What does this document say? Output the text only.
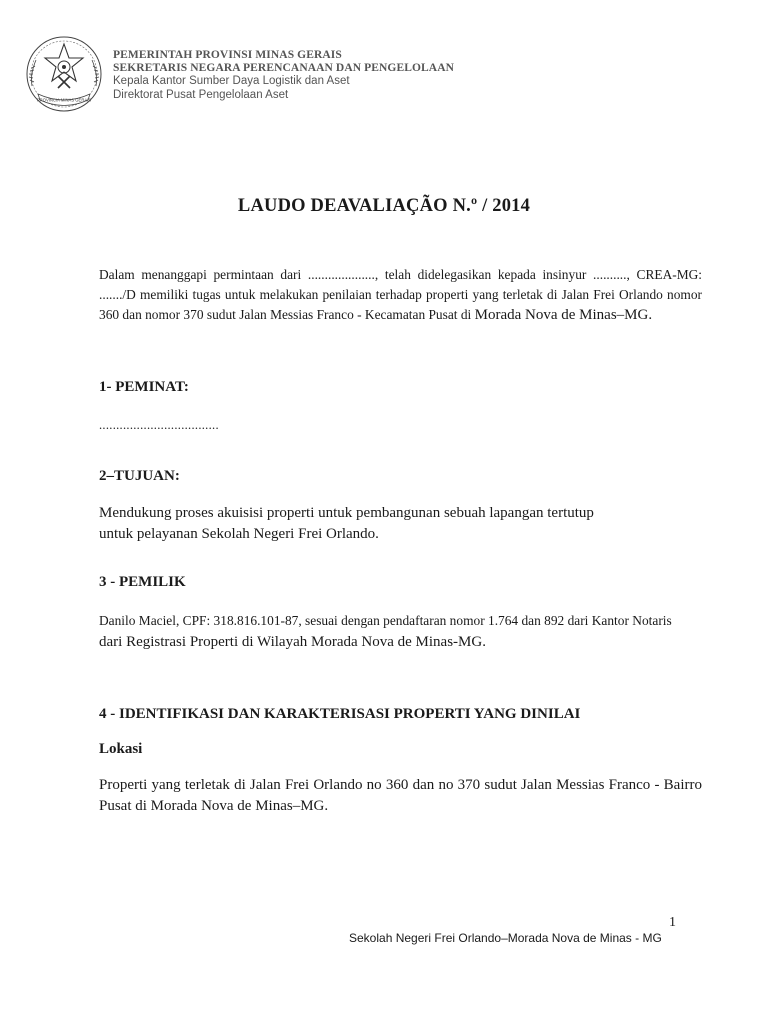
PROVÍNCIA MINAS GERAIS
PEMERINTAH PROVINSI MINAS GERAIS
SEKRETARIS NEGARA PERENCANAAN DAN PENGELOLAAN
Kepala Kantor Sumber Daya Logistik dan Aset
Direktorat Pusat Pengelolaan Aset
LAUDO DEAVALIAÇÃO N.º / 2014
Dalam menanggapi permintaan dari ...................., telah didelegasikan kepada insinyur .........., CREA-MG: ......./D memiliki tugas untuk melakukan penilaian terhadap properti yang terletak di Jalan Frei Orlando nomor 360 dan nomor 370 sudut Jalan Messias Franco - Kecamatan Pusat di Morada Nova de Minas–MG.
1- PEMINAT:
...................................
2–TUJUAN:
Mendukung proses akuisisi properti untuk pembangunan sebuah lapangan tertutup
untuk pelayanan Sekolah Negeri Frei Orlando.
3 - PEMILIK
Danilo Maciel, CPF: 318.816.101-87, sesuai dengan pendaftaran nomor 1.764 dan 892 dari Kantor Notaris
dari Registrasi Properti di Wilayah Morada Nova de Minas-MG.
4 - IDENTIFIKASI DAN KARAKTERISASI PROPERTI YANG DINILAI
Lokasi
Properti yang terletak di Jalan Frei Orlando no 360 dan no 370 sudut Jalan Messias Franco - Bairro Pusat di Morada Nova de Minas–MG.
1
Sekolah Negeri Frei Orlando–Morada Nova de Minas - MG
